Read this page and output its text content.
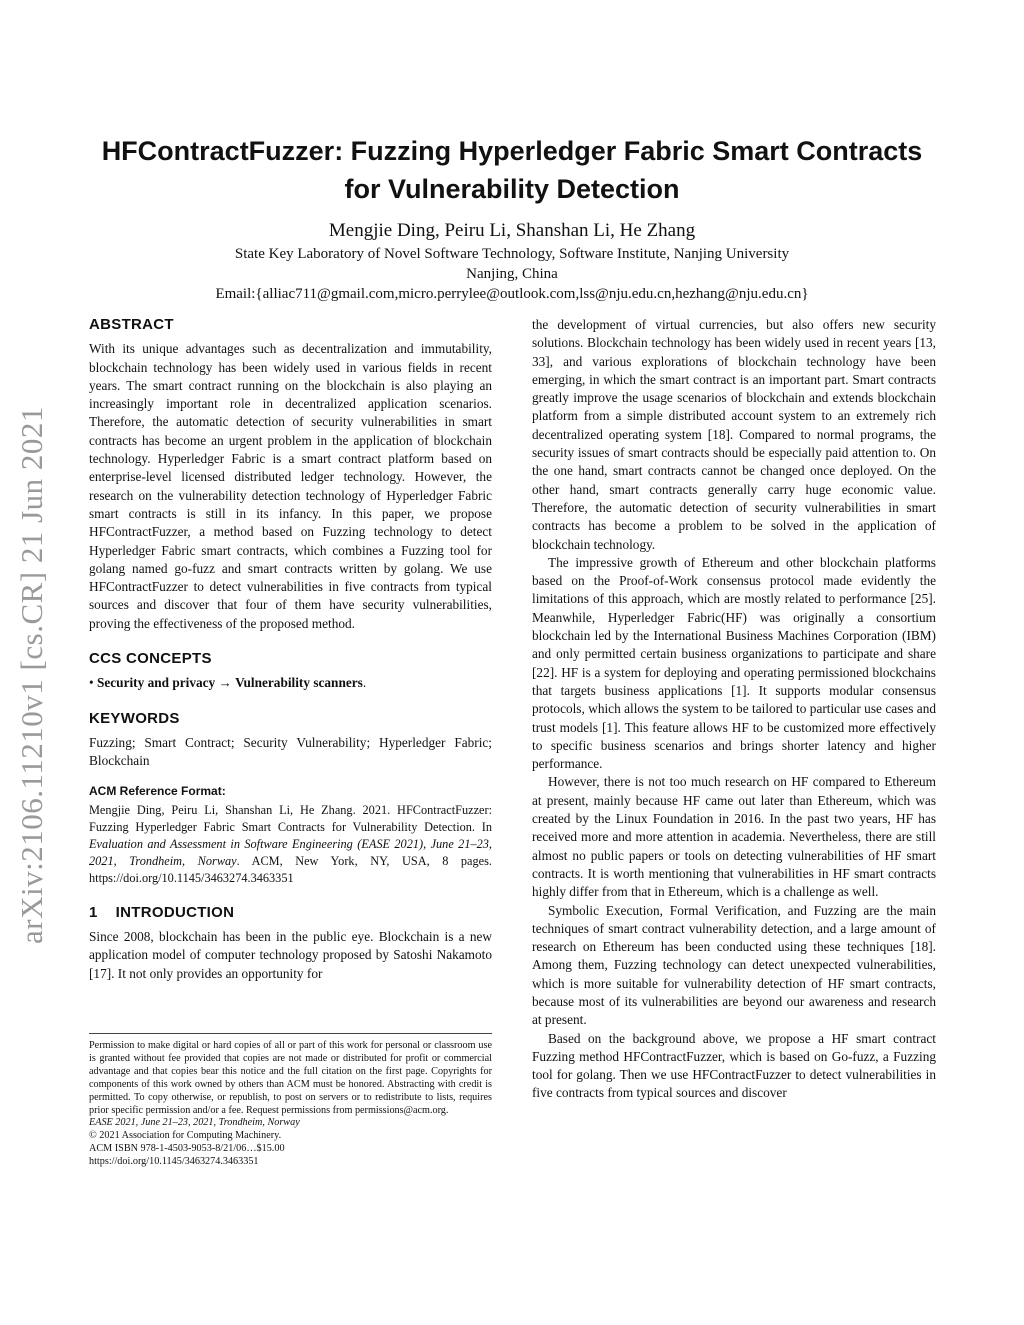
arXiv:2106.11210v1 [cs.CR] 21 Jun 2021
HFContractFuzzer: Fuzzing Hyperledger Fabric Smart Contracts
for Vulnerability Detection
Mengjie Ding, Peiru Li, Shanshan Li, He Zhang
State Key Laboratory of Novel Software Technology, Software Institute, Nanjing University
Nanjing, China
Email:{alliac711@gmail.com,micro.perrylee@outlook.com,lss@nju.edu.cn,hezhang@nju.edu.cn}
ABSTRACT

With its unique advantages such as decentralization and immutability, blockchain technology has been widely used in various fields in recent years. The smart contract running on the blockchain is also playing an increasingly important role in decentralized application scenarios. Therefore, the automatic detection of security vulnerabilities in smart contracts has become an urgent problem in the application of blockchain technology. Hyperledger Fabric is a smart contract platform based on enterprise-level licensed distributed ledger technology. However, the research on the vulnerability detection technology of Hyperledger Fabric smart contracts is still in its infancy. In this paper, we propose HFContractFuzzer, a method based on Fuzzing technology to detect Hyperledger Fabric smart contracts, which combines a Fuzzing tool for golang named go-fuzz and smart contracts written by golang. We use HFContractFuzzer to detect vulnerabilities in five contracts from typical sources and discover that four of them have security vulnerabilities, proving the effectiveness of the proposed method.

CCS CONCEPTS

• Security and privacy → Vulnerability scanners.

KEYWORDS

Fuzzing; Smart Contract; Security Vulnerability; Hyperledger Fabric; Blockchain

ACM Reference Format:

Mengjie Ding, Peiru Li, Shanshan Li, He Zhang. 2021. HFContractFuzzer: Fuzzing Hyperledger Fabric Smart Contracts for Vulnerability Detection. In Evaluation and Assessment in Software Engineering (EASE 2021), June 21–23, 2021, Trondheim, Norway. ACM, New York, NY, USA, 8 pages. https://doi.org/10.1145/3463274.3463351

1 INTRODUCTION

Since 2008, blockchain has been in the public eye. Blockchain is a new application model of computer technology proposed by Satoshi Nakamoto [17]. It not only provides an opportunity for

Permission to make digital or hard copies of all or part of this work for personal or classroom use is granted without fee provided that copies are not made or distributed for profit or commercial advantage and that copies bear this notice and the full citation on the first page. Copyrights for components of this work owned by others than ACM must be honored. Abstracting with credit is permitted. To copy otherwise, or republish, to post on servers or to redistribute to lists, requires prior specific permission and/or a fee. Request permissions from permissions@acm.org.

EASE 2021, June 21–23, 2021, Trondheim, Norway

© 2021 Association for Computing Machinery.

ACM ISBN 978-1-4503-9053-8/21/06…$15.00

https://doi.org/10.1145/3463274.3463351

the development of virtual currencies, but also offers new security solutions. Blockchain technology has been widely used in recent years [13, 33], and various explorations of blockchain technology have been emerging, in which the smart contract is an important part. Smart contracts greatly improve the usage scenarios of blockchain and extends blockchain platform from a simple distributed account system to an extremely rich decentralized operating system [18]. Compared to normal programs, the security issues of smart contracts should be especially paid attention to. On the one hand, smart contracts cannot be changed once deployed. On the other hand, smart contracts generally carry huge economic value. Therefore, the automatic detection of security vulnerabilities in smart contracts has become a problem to be solved in the application of blockchain technology.

The impressive growth of Ethereum and other blockchain platforms based on the Proof-of-Work consensus protocol made evidently the limitations of this approach, which are mostly related to performance [25]. Meanwhile, Hyperledger Fabric(HF) was originally a consortium blockchain led by the International Business Machines Corporation (IBM) and only permitted certain business organizations to participate and share [22]. HF is a system for deploying and operating permissioned blockchains that targets business applications [1]. It supports modular consensus protocols, which allows the system to be tailored to particular use cases and trust models [1]. This feature allows HF to be customized more effectively to specific business scenarios and brings shorter latency and higher performance.

However, there is not too much research on HF compared to Ethereum at present, mainly because HF came out later than Ethereum, which was created by the Linux Foundation in 2016. In the past two years, HF has received more and more attention in academia. Nevertheless, there are still almost no public papers or tools on detecting vulnerabilities of HF smart contracts. It is worth mentioning that vulnerabilities in HF smart contracts highly differ from that in Ethereum, which is a challenge as well.

Symbolic Execution, Formal Verification, and Fuzzing are the main techniques of smart contract vulnerability detection, and a large amount of research on Ethereum has been conducted using these techniques [18]. Among them, Fuzzing technology can detect unexpected vulnerabilities, which is more suitable for vulnerability detection of HF smart contracts, because most of its vulnerabilities are beyond our awareness and research at present.

Based on the background above, we propose a HF smart contract Fuzzing method HFContractFuzzer, which is based on Go-fuzz, a Fuzzing tool for golang. Then we use HFContractFuzzer to detect vulnerabilities in five contracts from typical sources and discover
